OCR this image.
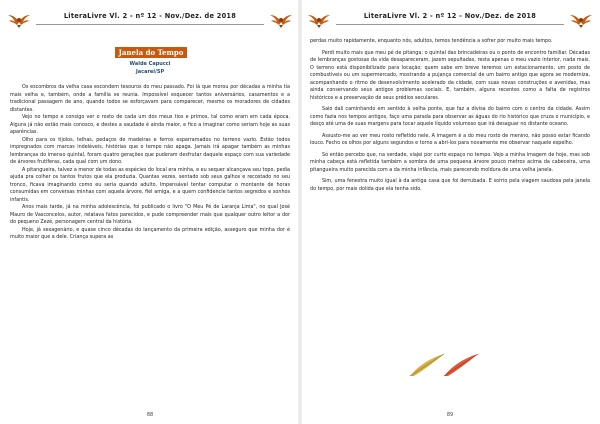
LiteraLivre Vl. 2 - nº 12 - Nov./Dez. de 2018
Janela do Tempo
Walde Capucci
Jacareí/SP

Os escombros da velha casa escondem tesouros do meu passado. Foi lá que morou por décadas a minha tia mais velha e, também, onde a família se reunia. Impossível esquecer tantos aniversários, casamentos e a tradicional passagem de ano, quando todos se esforçavam para comparecer, mesmo os moradores de cidades distantes.

Vejo no tempo e consigo ver o rosto de cada um dos meus tios e primos, tal como eram em cada época. Alguns já não estão mais conosco, e destes a saudade é ainda maior, e fico a imaginar como seriam hoje as suas aparências.

Olho para os tijolos, telhas, pedaços de madeiras e ferros esparramados no terreno vazio. Estão todos impregnados com marcas indeléveis, histórias que o tempo não apaga. Jamais irá apagar também as minhas lembranças do imenso quintal, foram quatro gerações que puderam desfrutar daquele espaço com sua variedade de árvores frutíferas, cada qual com um dono.

A pitangueira, talvez a menor de todas as espécies do local era minha, e eu sequer alcançava seu topo, pedia ajuda pra colher os tantos frutos que ela produzia. Quantas vezes, sentado sob seus galhos e recostado no seu tronco, ficava imaginando como eu seria quando adulto. Impensável tentar computar o montante de horas consumidas em conversas minhas com aquela árvore, fiel amiga, e a quem confidencie tantos segredos e sonhos infantis.

Anos mais tarde, já na minha adolescência, foi publicado o livro "O Meu Pé de Laranja Lima", no qual José Mauro de Vasconcelos, autor, relatava fatos parecidos, e pude compreender mais que qualquer outro leitor a dor do pequeno Zezé, personagem central da história.

Hoje, já sexagenário, e quase cinco décadas do lançamento da primeira edição, asseguro que minha dor é muito maior que a dele. Criança supera as

88
LiteraLivre Vl. 2 - nº 12 - Nov./Dez. de 2018

perdas muito rapidamente, enquanto nós, adultos, temos tendência a sofrer por muito mais tempo.

Perdi muito mais que meu pé de pitanga; o quintal das brincadeiras ou o ponto de encontro familiar. Décadas de lembranças gostosas da vida desapareceram, jazem sepultadas, resta apenas o meu vazio interior, nada mais. O terreno está disponibilizado para locação; quem sabe em breve teremos um estacionamento, um posto de combustíveis ou um supermercado, mostrando a pujança comercial de um bairro antigo que agora se moderniza, acompanhando o ritmo de desenvolvimento acelerado da cidade, com suas novas construções e avenidas, mas ainda conservando seus antigos problemas sociais. E, também, alguns recentes como a falta de registros históricos e a preservação de seus prédios seculares.

Saio dali caminhando em sentido à velha ponte, que faz a divisa do bairro com o centro da cidade. Assim como fazia nos tempos antigos, faço uma parada para observar as águas do rio histórico que cruza o município, e desço até uma de suas margens para tocar aquele líquido volumoso que irá desaguar no distante oceano.

Assusto-me ao ver meu rosto refletido nele, A imagem é a do meu rosto de menino, não posso estar ficando louco. Fecho os olhos por alguns segundos e torno a abri-los para novamente me observar naquele espelho.

Só então percebo que, na verdade, viajei por curto espaço no tempo. Vejo a minha imagem de hoje, mas sob minha cabeça está refletida também a sombra de uma pequena árvore pouco metros acima da cabeceira, uma pitangueira muito parecida com a da minha infância, mais parecendo moldura de uma velha janela.

Sim, uma fenestra muito igual à da antiga casa que foi derrubada. E sorrio pela viagem saudosa pela janela do tempo, por mais dolida que ela tenha sido.

89
